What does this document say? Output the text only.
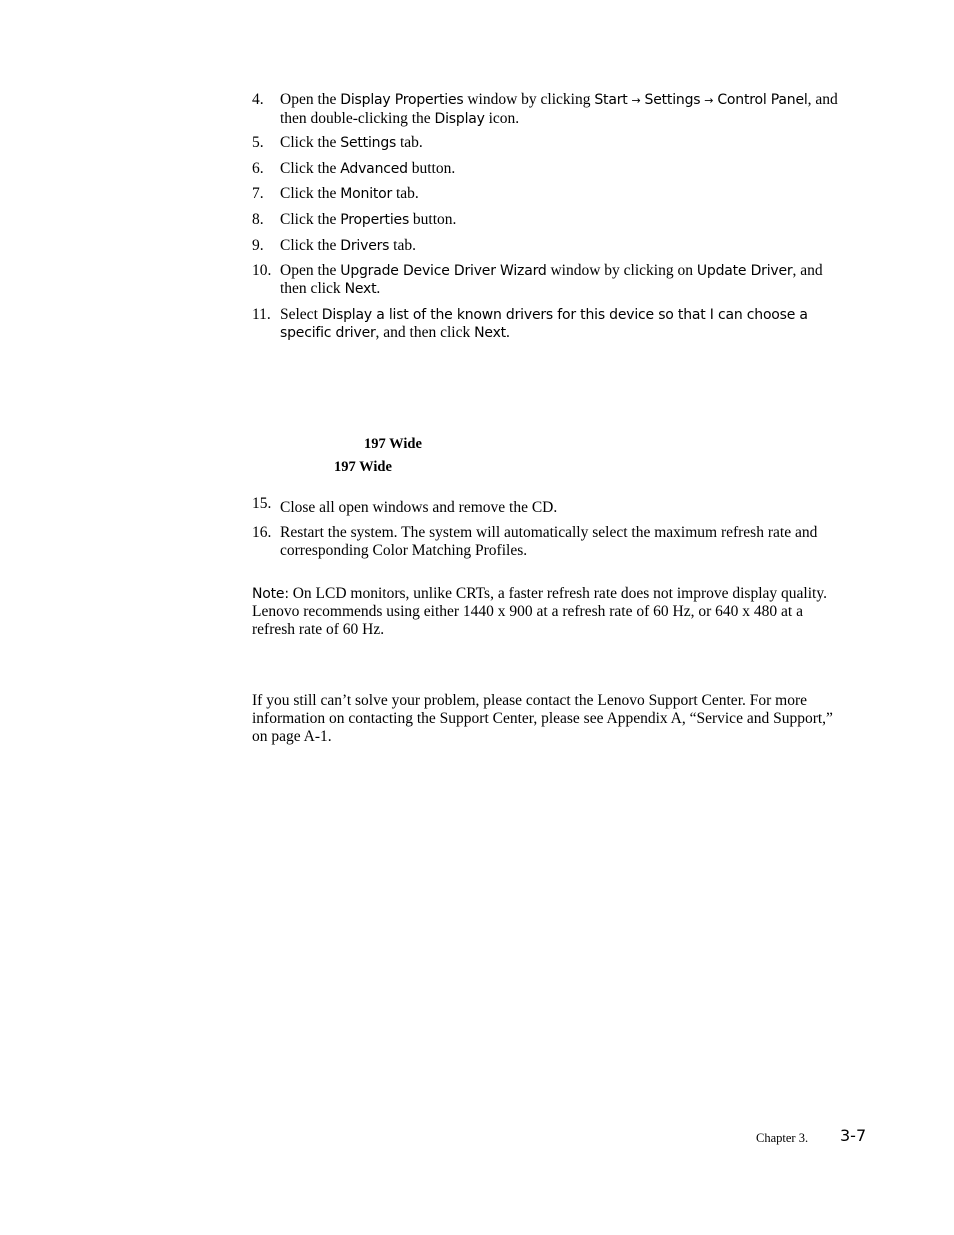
4.	Open the Display Properties window by clicking Start → Settings → Control Panel, and then double-clicking the Display icon.
5.	Click the Settings tab.
6.	Click the Advanced button.
7.	Click the Monitor tab.
8.	Click the Properties button.
9.	Click the Drivers tab.
10. Open the Upgrade Device Driver Wizard window by clicking on Update Driver, and then click Next.
11. Select Display a list of the known drivers for this device so that I can choose a specific driver, and then click Next.
197 Wide
197 Wide
15. Close all open windows and remove the CD.
16. Restart the system. The system will automatically select the maximum refresh rate and corresponding Color Matching Profiles.
Note: On LCD monitors, unlike CRTs, a faster refresh rate does not improve display quality. Lenovo recommends using either 1440 x 900 at a refresh rate of 60 Hz, or 640 x 480 at a refresh rate of 60 Hz.
If you still can’t solve your problem, please contact the Lenovo Support Center. For more information on contacting the Support Center, please see Appendix A, “Service and Support,” on page A-1.
Chapter 3. 3-7
